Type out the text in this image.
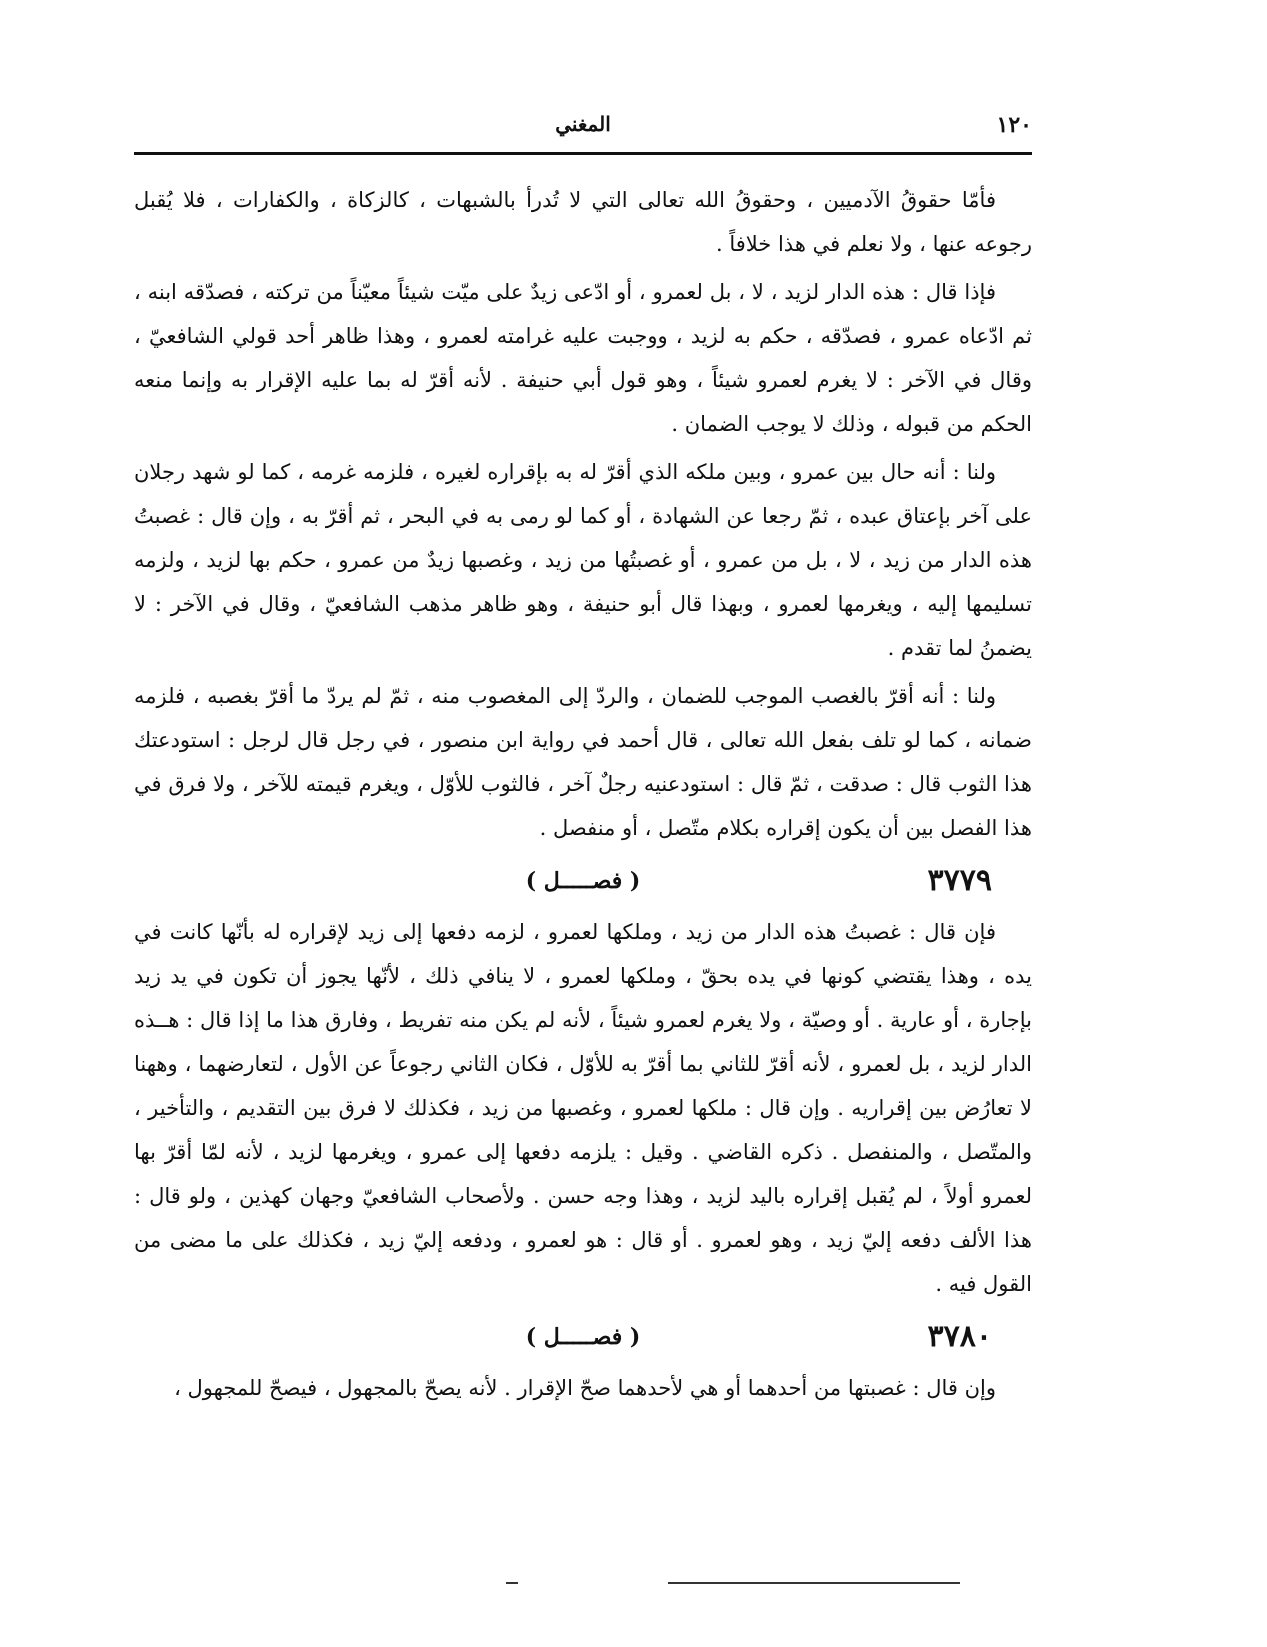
١٢٠
المغني

فأمّا حقوقُ الآدميين ، وحقوقُ الله تعالى التي لا تُدرأ بالشبهات ، كالزكاة ، والكفارات ، فلا يُقبل رجوعه عنها ، ولا نعلم في هذا خلافاً .

فإذا قال : هذه الدار لزيد ، لا ، بل لعمرو ، أو ادّعى زيدٌ على ميّت شيئاً معيّناً من تركته ، فصدّقه ابنه ، ثم ادّعاه عمرو ، فصدّقه ، حكم به لزيد ، ووجبت عليه غرامته لعمرو ، وهذا ظاهر أحد قولي الشافعيّ ، وقال في الآخر : لا يغرم لعمرو شيئاً ، وهو قول أبي حنيفة . لأنه أقرّ له بما عليه الإقرار به وإنما منعه الحكم من قبوله ، وذلك لا يوجب الضمان .

ولنا : أنه حال بين عمرو ، وبين ملكه الذي أقرّ له به بإقراره لغيره ، فلزمه غرمه ، كما لو شهد رجلان على آخر بإعتاق عبده ، ثمّ رجعا عن الشهادة ، أو كما لو رمى به في البحر ، ثم أقرّ به ، وإن قال : غصبتُ هذه الدار من زيد ، لا ، بل من عمرو ، أو غصبتُها من زيد ، وغصبها زيدٌ من عمرو ، حكم بها لزيد ، ولزمه تسليمها إليه ، ويغرمها لعمرو ، وبهذا قال أبو حنيفة ، وهو ظاهر مذهب الشافعيّ ، وقال في الآخر : لا يضمنُ لما تقدم .

ولنا : أنه أقرّ بالغصب الموجب للضمان ، والردّ إلى المغصوب منه ، ثمّ لم يردّ ما أقرّ بغصبه ، فلزمه ضمانه ، كما لو تلف بفعل الله تعالى ، قال أحمد في رواية ابن منصور ، في رجل قال لرجل : استودعتك هذا الثوب قال : صدقت ، ثمّ قال : استودعنيه رجلٌ آخر ، فالثوب للأوّل ، ويغرم قيمته للآخر ، ولا فرق في هذا الفصل بين أن يكون إقراره بكلام متّصل ، أو منفصل .

٣٧٧٩
( فصـــــل )

فإن قال : غصبتُ هذه الدار من زيد ، وملكها لعمرو ، لزمه دفعها إلى زيد لإقراره له بأنّها كانت في يده ، وهذا يقتضي كونها في يده بحقّ ، وملكها لعمرو ، لا ينافي ذلك ، لأنّها يجوز أن تكون في يد زيد بإجارة ، أو عارية . أو وصيّة ، ولا يغرم لعمرو شيئاً ، لأنه لم يكن منه تفريط ، وفارق هذا ما إذا قال : هــذه الدار لزيد ، بل لعمرو ، لأنه أقرّ للثاني بما أقرّ به للأوّل ، فكان الثاني رجوعاً عن الأول ، لتعارضهما ، وههنا لا تعارُض بين إقراريه . وإن قال : ملكها لعمرو ، وغصبها من زيد ، فكذلك لا فرق بين التقديم ، والتأخير ، والمتّصل ، والمنفصل . ذكره القاضي . وقيل : يلزمه دفعها إلى عمرو ، ويغرمها لزيد ، لأنه لمّا أقرّ بها لعمرو أولاً ، لم يُقبل إقراره باليد لزيد ، وهذا وجه حسن . ولأصحاب الشافعيّ وجهان كهذين ، ولو قال : هذا الألف دفعه إليّ زيد ، وهو لعمرو . أو قال : هو لعمرو ، ودفعه إليّ زيد ، فكذلك على ما مضى من القول فيه .

٣٧٨٠
( فصـــــل )

وإن قال : غصبتها من أحدهما أو هي لأحدهما صحّ الإقرار . لأنه يصحّ بالمجهول ، فيصحّ للمجهول ،
